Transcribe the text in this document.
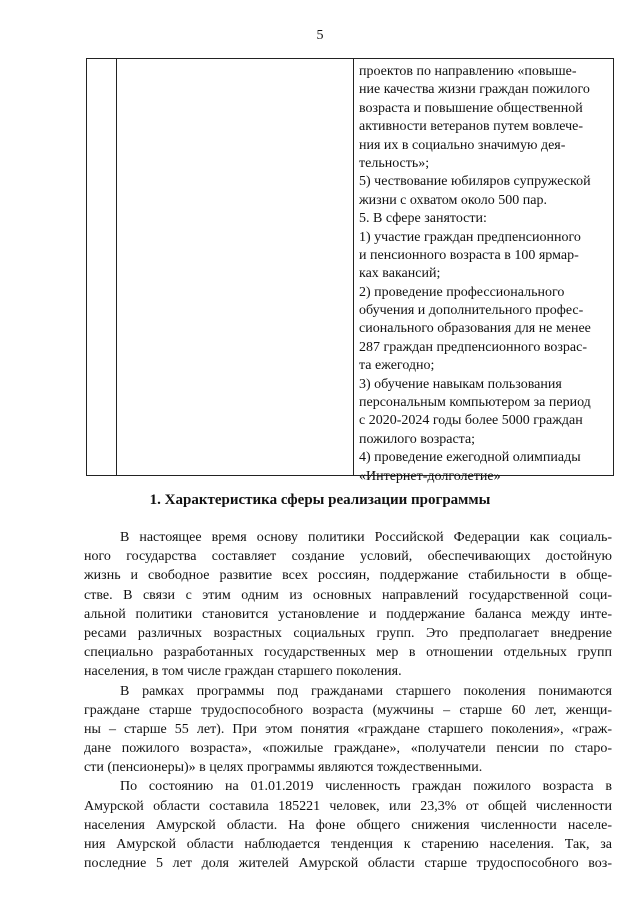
5
проектов по направлению «повыше-
ние качества жизни граждан пожилого
возраста и повышение общественной
активности ветеранов путем вовлече-
ния их в социально значимую дея-
тельность»;
5) чествование юбиляров супружеской
жизни с охватом около 500 пар.
5. В сфере занятости:
1) участие граждан предпенсионного
и пенсионного возраста в 100 ярмар-
ках вакансий;
2) проведение профессионального
обучения и дополнительного профес-
сионального образования для не менее
287 граждан предпенсионного возрас-
та ежегодно;
3) обучение навыкам пользования
персональным компьютером за период
с 2020-2024 годы более 5000 граждан
пожилого возраста;
4) проведение ежегодной олимпиады
«Интернет-долголетие»
1. Характеристика сферы реализации программы
В настоящее время основу политики Российской Федерации как социаль-
ного государства составляет создание условий, обеспечивающих достойную
жизнь и свободное развитие всех россиян, поддержание стабильности в обще-
стве. В связи с этим одним из основных направлений государственной соци-
альной политики становится установление и поддержание баланса между инте-
ресами различных возрастных социальных групп. Это предполагает внедрение
специально разработанных государственных мер в отношении отдельных групп
населения, в том числе граждан старшего поколения.
В рамках программы под гражданами старшего поколения понимаются
граждане старше трудоспособного возраста (мужчины – старше 60 лет, женщи-
ны – старше 55 лет). При этом понятия «граждане старшего поколения», «граж-
дане пожилого возраста», «пожилые граждане», «получатели пенсии по старо-
сти (пенсионеры)» в целях программы являются тождественными.
По состоянию на 01.01.2019 численность граждан пожилого возраста в
Амурской области составила 185221 человек, или 23,3% от общей численности
населения Амурской области. На фоне общего снижения численности населе-
ния Амурской области наблюдается тенденция к старению населения. Так, за
последние 5 лет доля жителей Амурской области старше трудоспособного воз-
